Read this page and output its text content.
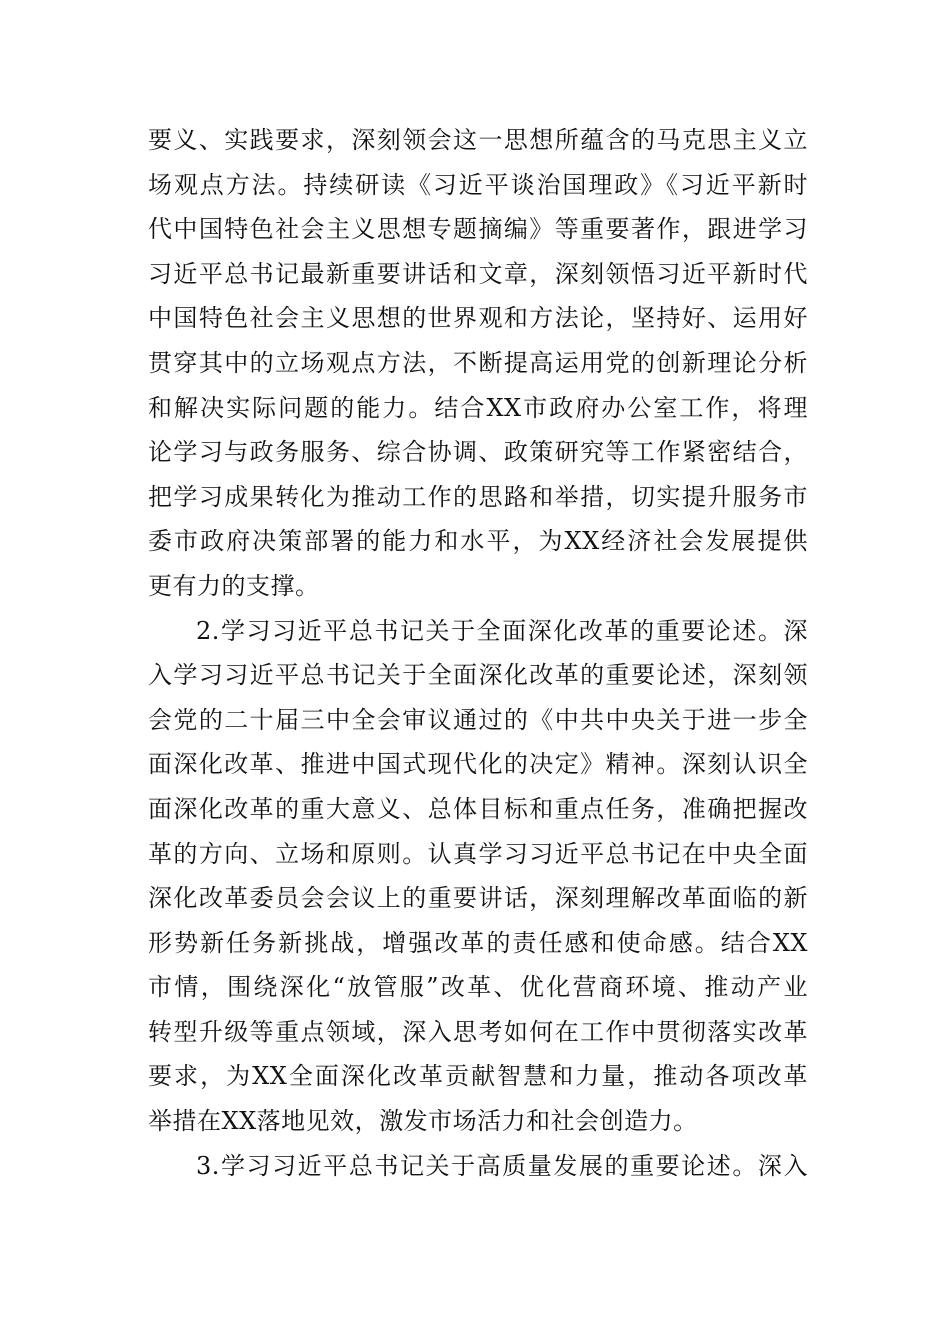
要义、实践要求，深刻领会这一思想所蕴含的马克思主义立
场观点方法。持续研读《习近平谈治国理政》《习近平新时
代中国特色社会主义思想专题摘编》等重要著作，跟进学习
习近平总书记最新重要讲话和文章，深刻领悟习近平新时代
中国特色社会主义思想的世界观和方法论，坚持好、运用好
贯穿其中的立场观点方法，不断提高运用党的创新理论分析
和解决实际问题的能力。结合XX市政府办公室工作，将理
论学习与政务服务、综合协调、政策研究等工作紧密结合，
把学习成果转化为推动工作的思路和举措，切实提升服务市
委市政府决策部署的能力和水平，为XX经济社会发展提供
更有力的支撑。
2.学习习近平总书记关于全面深化改革的重要论述。深
入学习习近平总书记关于全面深化改革的重要论述，深刻领
会党的二十届三中全会审议通过的《中共中央关于进一步全
面深化改革、推进中国式现代化的决定》精神。深刻认识全
面深化改革的重大意义、总体目标和重点任务，准确把握改
革的方向、立场和原则。认真学习习近平总书记在中央全面
深化改革委员会会议上的重要讲话，深刻理解改革面临的新
形势新任务新挑战，增强改革的责任感和使命感。结合XX
市情，围绕深化“放管服”改革、优化营商环境、推动产业
转型升级等重点领域，深入思考如何在工作中贯彻落实改革
要求，为XX全面深化改革贡献智慧和力量，推动各项改革
举措在XX落地见效，激发市场活力和社会创造力。
3.学习习近平总书记关于高质量发展的重要论述。深入
